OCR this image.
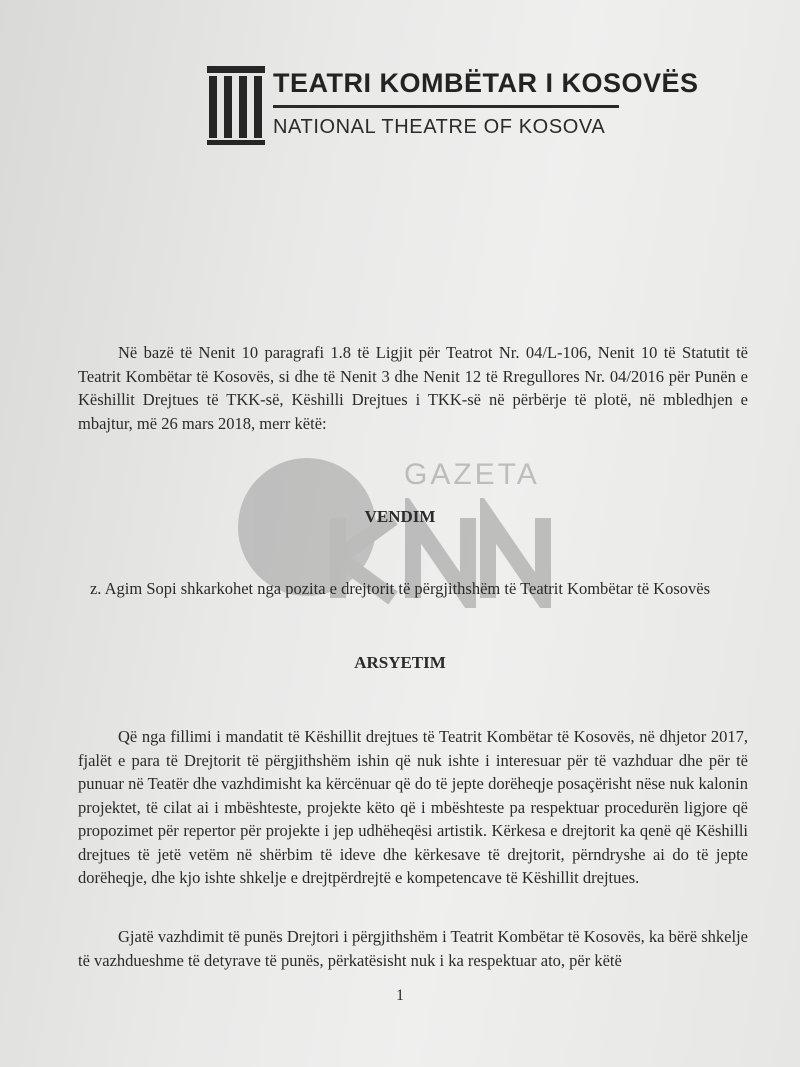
TEATRI KOMBËTAR I KOSOVËS
NATIONAL THEATRE OF KOSOVA
GAZETA

Në bazë të Nenit 10 paragrafi 1.8 të Ligjit për Teatrot Nr. 04/L-106, Nenit 10 të Statutit të Teatrit Kombëtar të Kosovës, si dhe të Nenit 3 dhe Nenit 12 të Rregullores Nr. 04/2016 për Punën e Këshillit Drejtues të TKK-së, Këshilli Drejtues i TKK-së në përbërje të plotë, në mbledhjen e mbajtur, më 26 mars 2018, merr këtë:

VENDIM
z. Agim Sopi shkarkohet nga pozita e drejtorit të përgjithshëm të Teatrit Kombëtar të Kosovës
ARSYETIM

Që nga fillimi i mandatit të Këshillit drejtues të Teatrit Kombëtar të Kosovës, në dhjetor 2017, fjalët e para të Drejtorit të përgjithshëm ishin që nuk ishte i interesuar për të vazhduar dhe për të punuar në Teatër dhe vazhdimisht ka kërcënuar që do të jepte dorëheqje posaçërisht nëse nuk kalonin projektet, të cilat ai i mbështeste, projekte këto që i mbështeste pa respektuar procedurën ligjore që propozimet për repertor për projekte i jep udhëheqësi artistik. Kërkesa e drejtorit ka qenë që Këshilli drejtues të jetë vetëm në shërbim të ideve dhe kërkesave të drejtorit, përndryshe ai do të jepte dorëheqje, dhe kjo ishte shkelje e drejtpërdrejtë e kompetencave të Këshillit drejtues.

Gjatë vazhdimit të punës Drejtori i përgjithshëm i Teatrit Kombëtar të Kosovës, ka bërë shkelje të vazhdueshme të detyrave të punës, përkatësisht nuk i ka respektuar ato, për këtë

1
